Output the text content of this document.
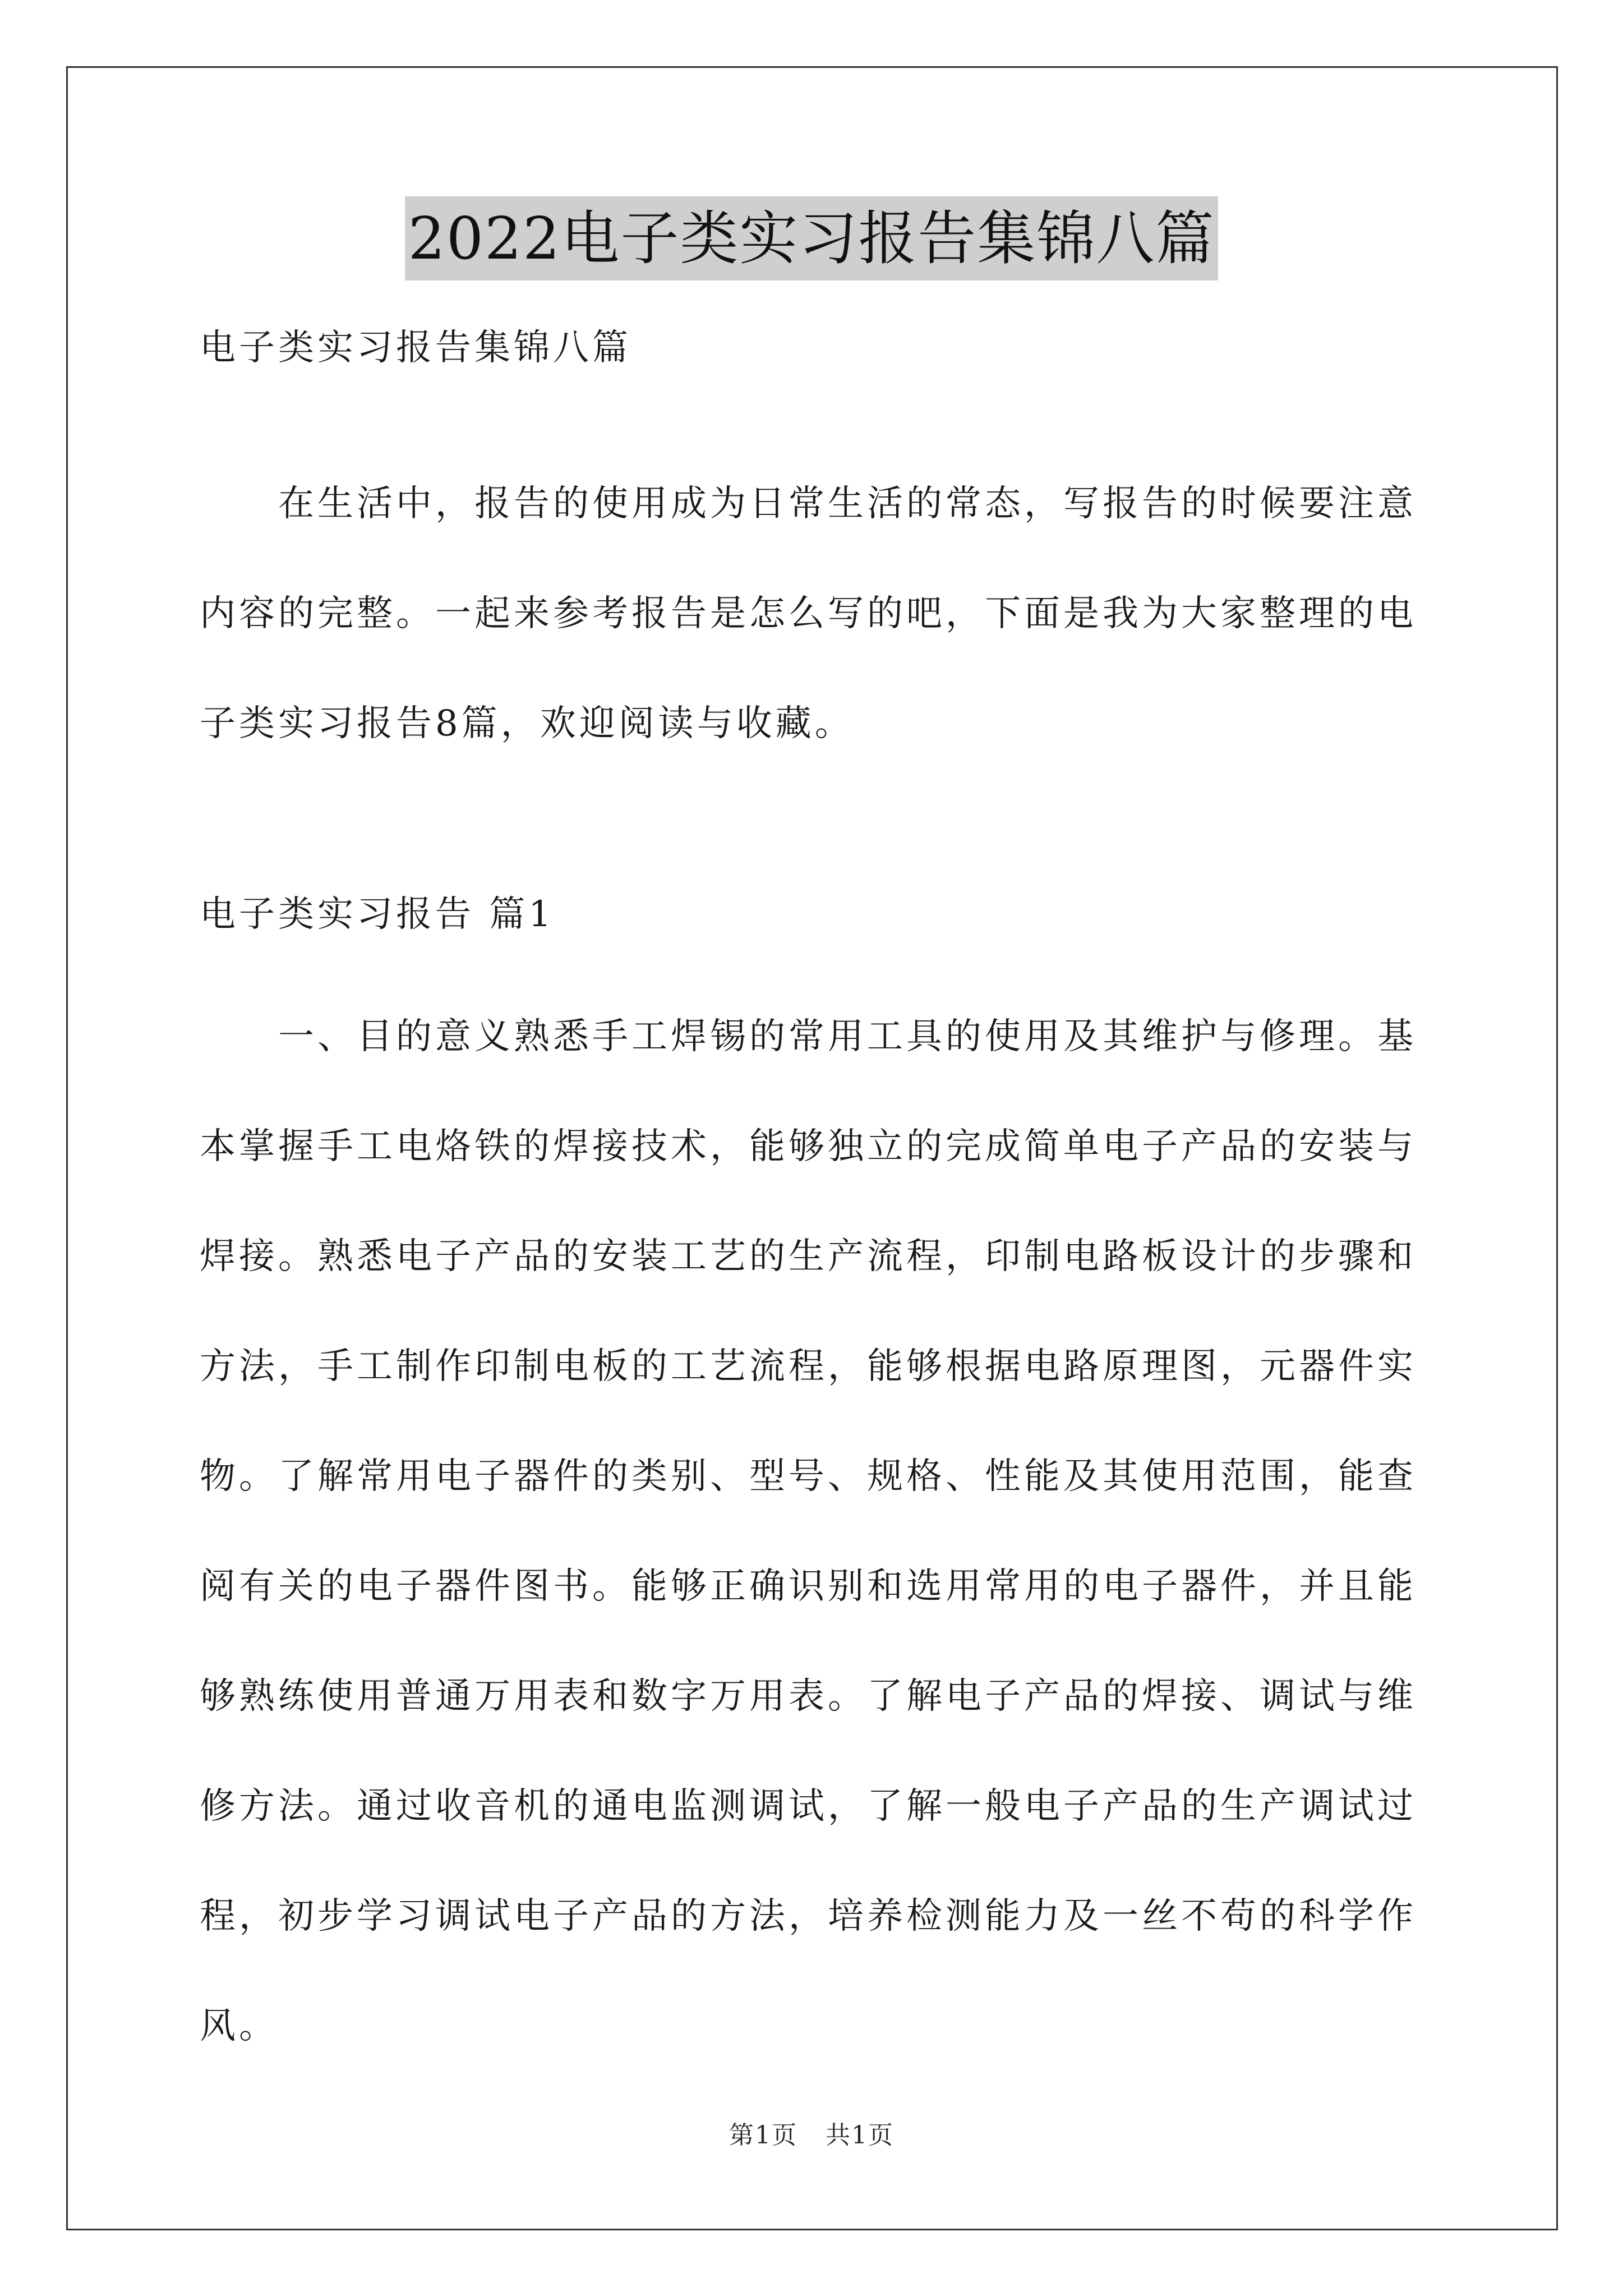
2022电子类实习报告集锦八篇

电子类实习报告集锦八篇

在生活中，报告的使用成为日常生活的常态，写报告的时候要注意内容的完整。一起来参考报告是怎么写的吧，下面是我为大家整理的电子类实习报告8篇，欢迎阅读与收藏。

电子类实习报告 篇1

一、目的意义熟悉手工焊锡的常用工具的使用及其维护与修理。基本掌握手工电烙铁的焊接技术，能够独立的完成简单电子产品的安装与焊接。熟悉电子产品的安装工艺的生产流程，印制电路板设计的步骤和方法，手工制作印制电板的工艺流程，能够根据电路原理图，元器件实物。了解常用电子器件的类别、型号、规格、性能及其使用范围，能查阅有关的电子器件图书。能够正确识别和选用常用的电子器件，并且能够熟练使用普通万用表和数字万用表。了解电子产品的焊接、调试与维修方法。通过收音机的通电监测调试，了解一般电子产品的生产调试过程，初步学习调试电子产品的方法，培养检测能力及一丝不苟的科学作风。

第1页 共1页
